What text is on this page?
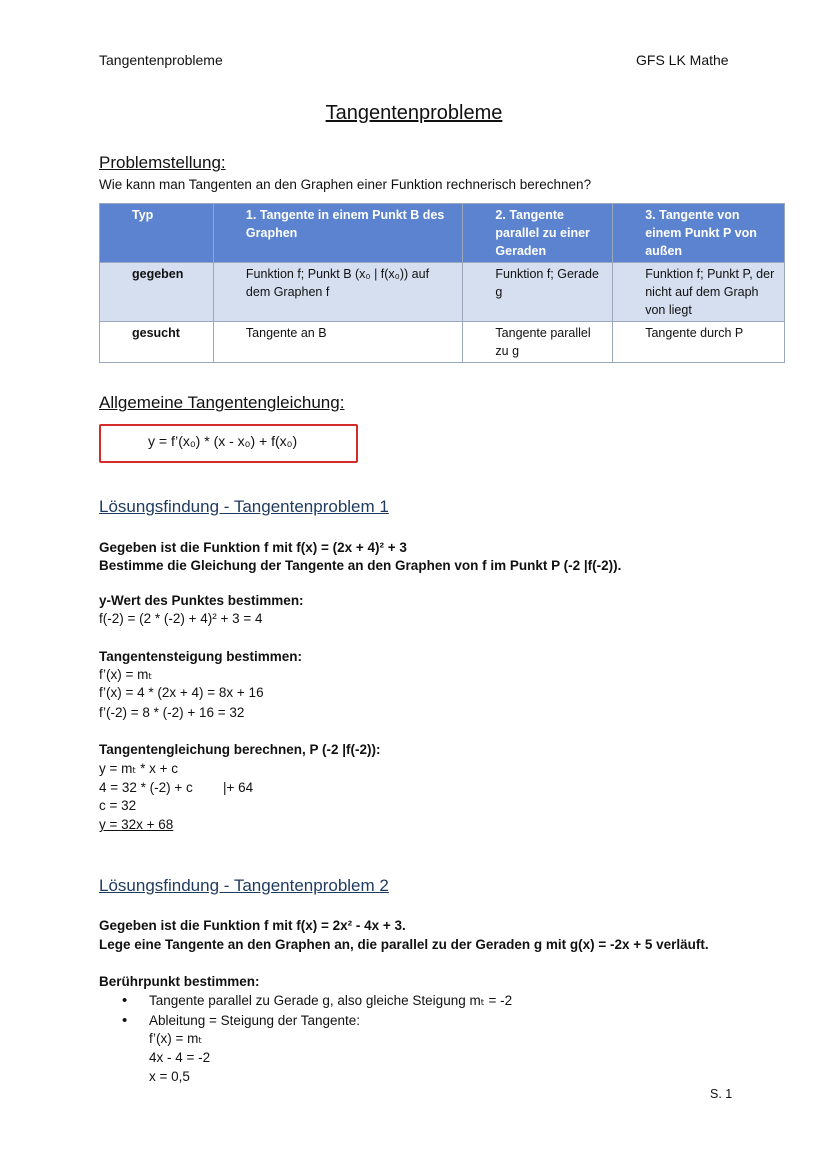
Tangentenprobleme	GFS LK Mathe
Tangentenprobleme
Problemstellung:
Wie kann man Tangenten an den Graphen einer Funktion rechnerisch berechnen?
Typ	1. Tangente in einem Punkt B des Graphen	2. Tangente parallel zu einer Geraden	3. Tangente von einem Punkt P von außen
gegeben	Funktion f; Punkt B (x₀ | f(x₀)) auf dem Graphen f	Funktion f; Gerade g	Funktion f; Punkt P, der nicht auf dem Graph von liegt
gesucht	Tangente an B	Tangente parallel zu g	Tangente durch P
Allgemeine Tangentengleichung:
y = f’(x₀) * (x - x₀) + f(x₀)
Lösungsfindung - Tangentenproblem 1
Gegeben ist die Funktion f mit f(x) = (2x + 4)² + 3
Bestimme die Gleichung der Tangente an den Graphen von f im Punkt P (-2 |f(-2)).
y-Wert des Punktes bestimmen:
f(-2) = (2 * (-2) + 4)² + 3 = 4
Tangentensteigung bestimmen:
f’(x) = mₜ
f’(x) = 4 * (2x + 4) = 8x + 16
f’(-2) = 8 * (-2) + 16 = 32
Tangentengleichung berechnen, P (-2 |f(-2)):
y = mₜ * x + c
4 = 32 * (-2) + c |+ 64
c = 32
y = 32x + 68
Lösungsfindung - Tangentenproblem 2
Gegeben ist die Funktion f mit f(x) = 2x² - 4x + 3.
Lege eine Tangente an den Graphen an, die parallel zu der Geraden g mit g(x) = -2x + 5 verläuft.
Berührpunkt bestimmen:
• Tangente parallel zu Gerade g, also gleiche Steigung mₜ = -2
• Ableitung = Steigung der Tangente:
f’(x) = mₜ
4x - 4 = -2
x = 0,5
S. 1
